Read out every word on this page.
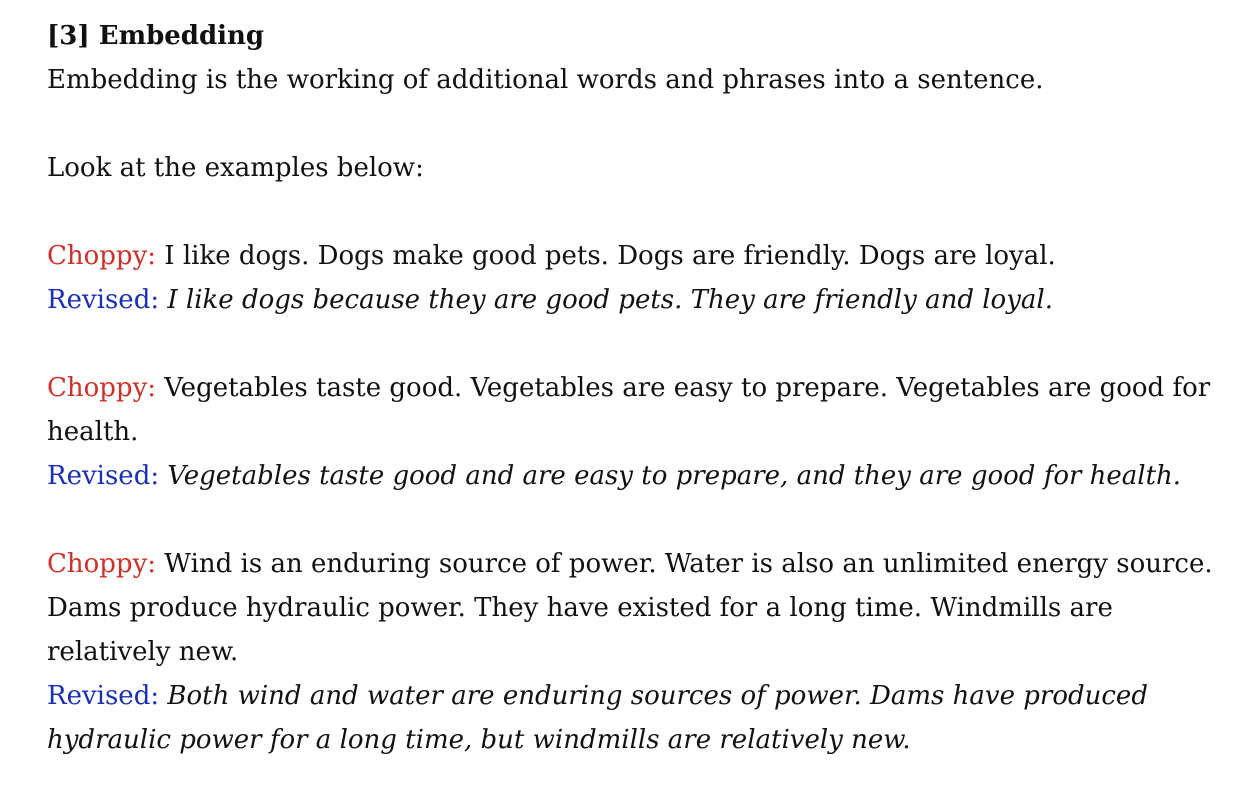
[3] Embedding

Embedding is the working of additional words and phrases into a sentence.

Look at the examples below:

Choppy: I like dogs. Dogs make good pets. Dogs are friendly. Dogs are loyal.

Revised: I like dogs because they are good pets. They are friendly and loyal.

Choppy: Vegetables taste good. Vegetables are easy to prepare. Vegetables are good for health.

Revised: Vegetables taste good and are easy to prepare, and they are good for health.

Choppy: Wind is an enduring source of power. Water is also an unlimited energy source. Dams produce hydraulic power. They have existed for a long time. Windmills are relatively new.

Revised: Both wind and water are enduring sources of power. Dams have produced hydraulic power for a long time, but windmills are relatively new.
